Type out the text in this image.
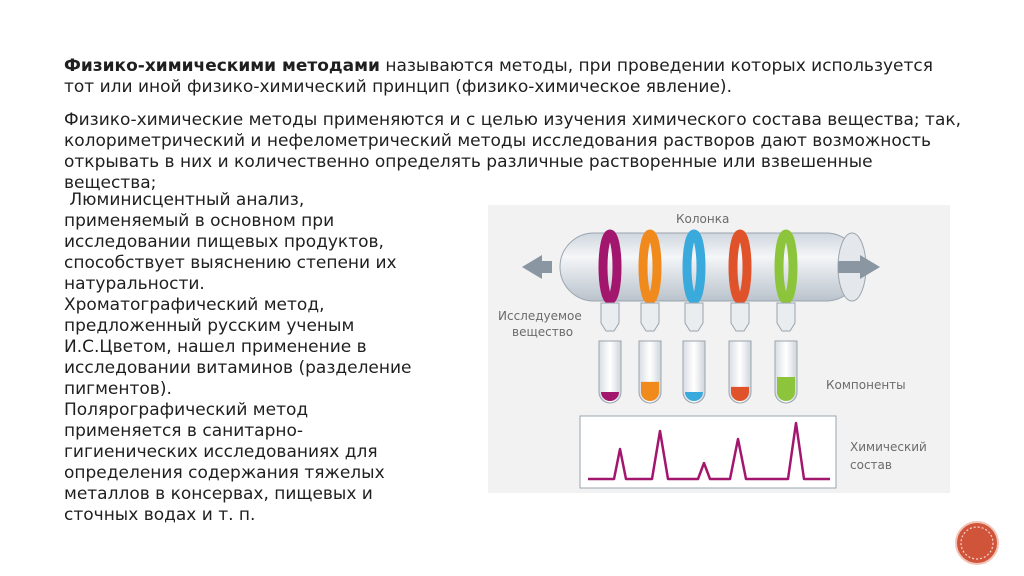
Физико-химическими методами называются методы, при проведении которых используется тот или иной физико-химический принцип (физико-химическое явление).

Физико-химические методы применяются и с целью изучения химического состава вещества; так, колориметрический и нефелометрический методы исследования растворов дают возможность открывать в них и количественно определять различные растворенные или взвешенные вещества;

Люминисцентный анализ,
применяемый в основном при
исследовании пищевых продуктов,
способствует выяснению степени их
натуральности.
Хроматографический метод,
предложенный русским ученым
И.С.Цветом, нашел применение в
исследовании витаминов (разделение
пигментов).
Полярографический метод
применяется в санитарно-
гигиенических исследованиях для
определения содержания тяжелых
металлов в консервах, пищевых и
сточных водах и т. п.
Колонка
Исследуемое
вещество
Компоненты
Химический
состав
